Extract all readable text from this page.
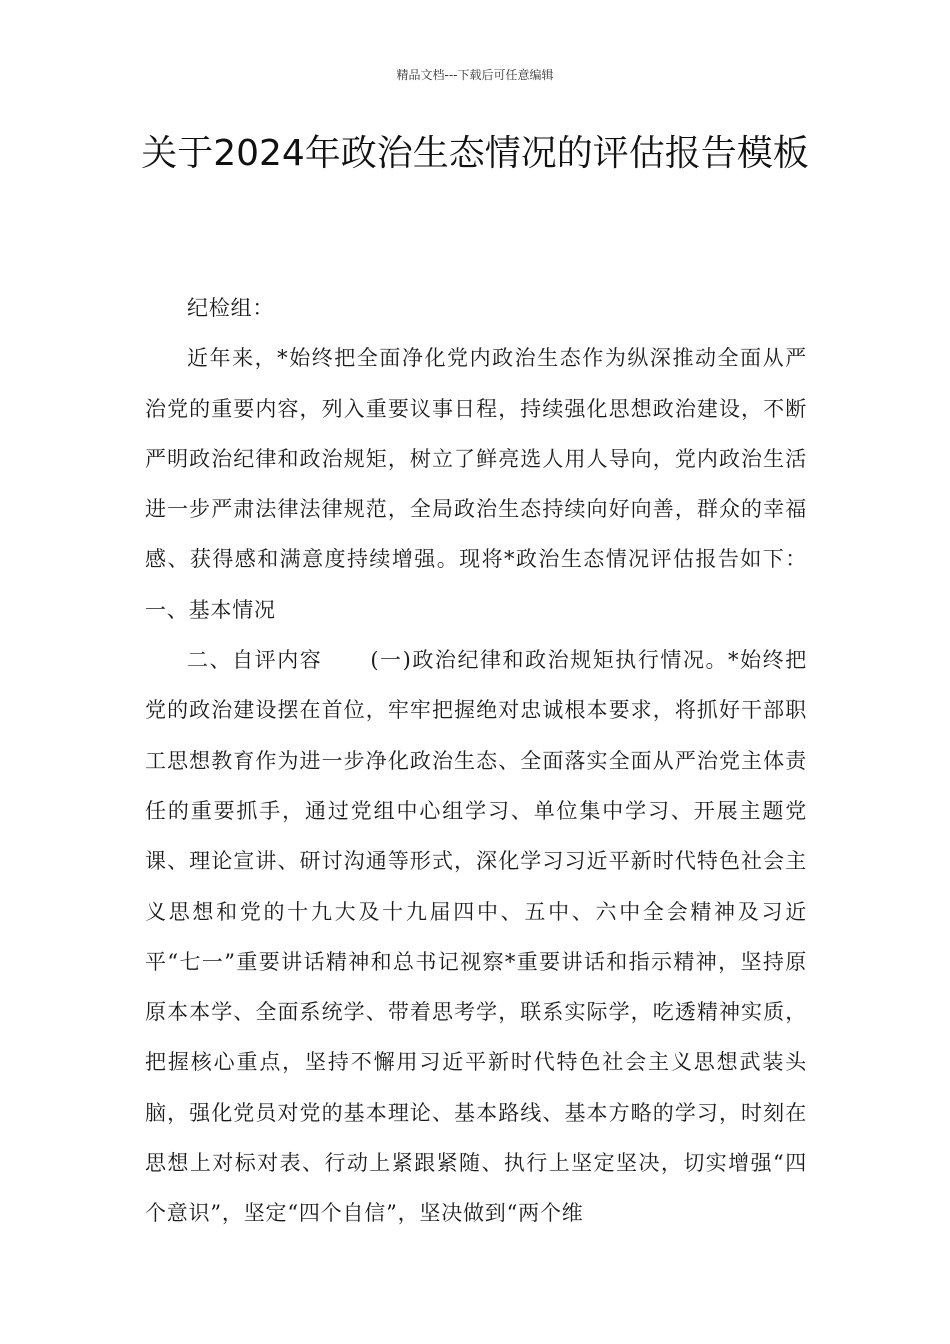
精品文档---下载后可任意编辑
关于2024年政治生态情况的评估报告模板

纪检组：

近年来，*始终把全面净化党内政治生态作为纵深推动全面从严治党的重要内容，列入重要议事日程，持续强化思想政治建设，不断严明政治纪律和政治规矩，树立了鲜亮选人用人导向，党内政治生活进一步严肃法律法律规范，全局政治生态持续向好向善，群众的幸福感、获得感和满意度持续增强。现将*政治生态情况评估报告如下：一、基本情况

二、自评内容 (一)政治纪律和政治规矩执行情况。*始终把党的政治建设摆在首位，牢牢把握绝对忠诚根本要求，将抓好干部职工思想教育作为进一步净化政治生态、全面落实全面从严治党主体责任的重要抓手，通过党组中心组学习、单位集中学习、开展主题党课、理论宣讲、研讨沟通等形式，深化学习习近平新时代特色社会主义思想和党的十九大及十九届四中、五中、六中全会精神及习近平“七一”重要讲话精神和总书记视察*重要讲话和指示精神，坚持原原本本学、全面系统学、带着思考学，联系实际学，吃透精神实质，把握核心重点，坚持不懈用习近平新时代特色社会主义思想武装头脑，强化党员对党的基本理论、基本路线、基本方略的学习，时刻在思想上对标对表、行动上紧跟紧随、执行上坚定坚决，切实增强“四个意识”，坚定“四个自信”，坚决做到“两个维
